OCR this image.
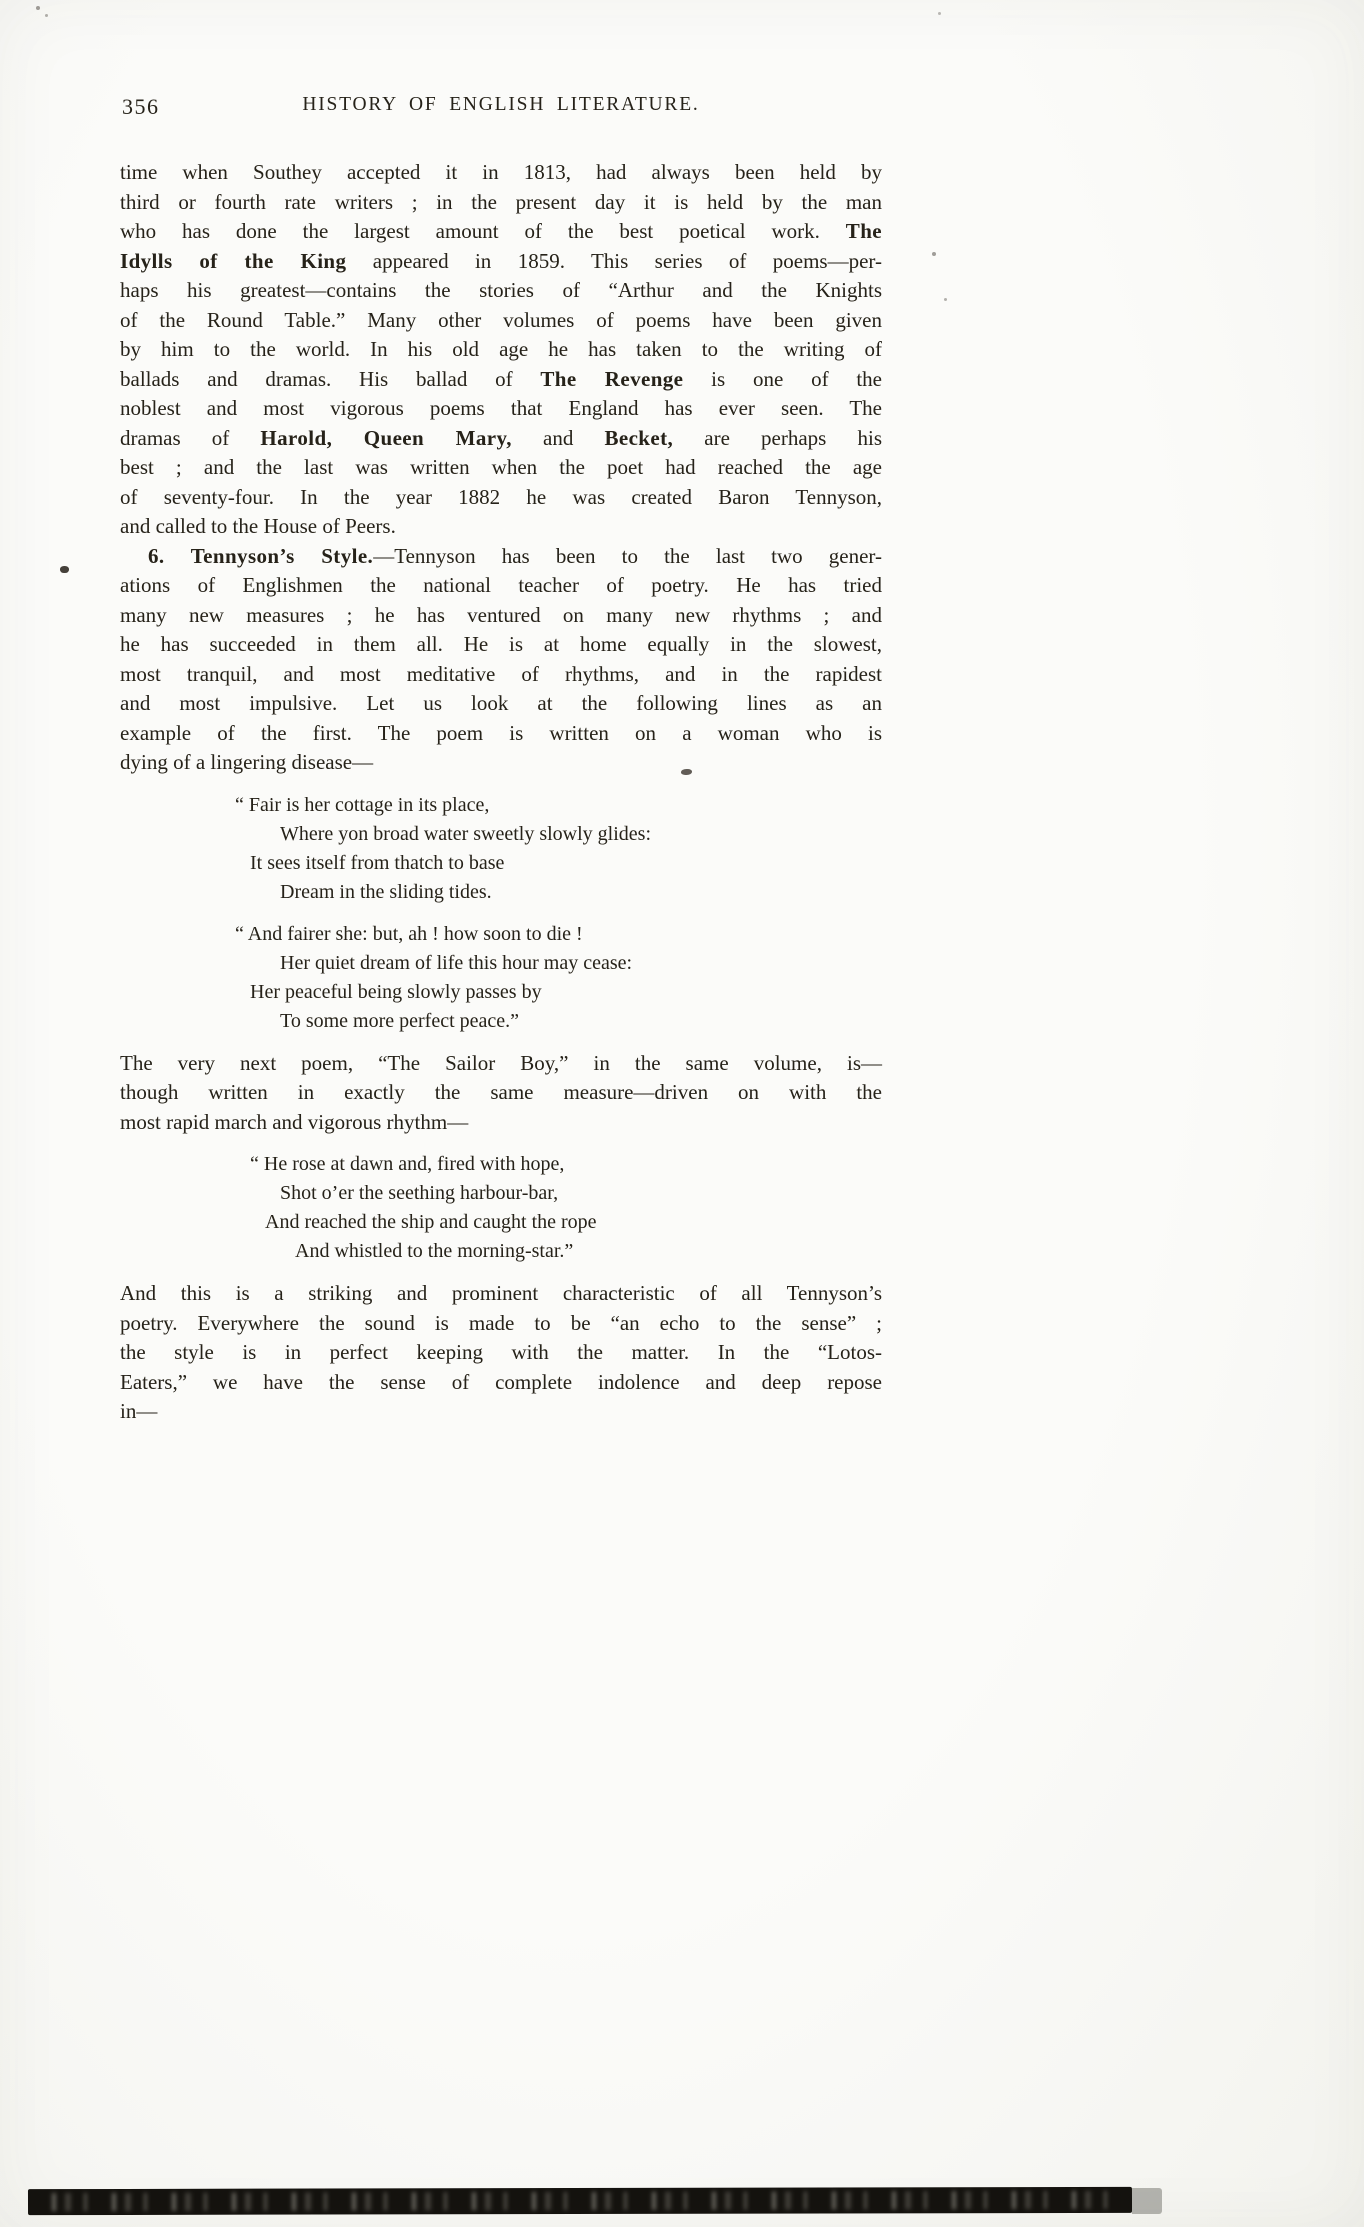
356	HISTORY OF ENGLISH LITERATURE.
time when Southey accepted it in 1813, had always been held by
third or fourth rate writers ; in the present day it is held by the man
who has done the largest amount of the best poetical work. The
Idylls of the King appeared in 1859. This series of poems—per-
haps his greatest—contains the stories of “Arthur and the Knights
of the Round Table.” Many other volumes of poems have been given
by him to the world. In his old age he has taken to the writing of
ballads and dramas. His ballad of The Revenge is one of the
noblest and most vigorous poems that England has ever seen. The
dramas of Harold, Queen Mary, and Becket, are perhaps his
best ; and the last was written when the poet had reached the age
of seventy-four. In the year 1882 he was created Baron Tennyson,
and called to the House of Peers.
6. Tennyson’s Style.—Tennyson has been to the last two gener-
ations of Englishmen the national teacher of poetry. He has tried
many new measures ; he has ventured on many new rhythms ; and
he has succeeded in them all. He is at home equally in the slowest,
most tranquil, and most meditative of rhythms, and in the rapidest
and most impulsive. Let us look at the following lines as an
example of the first. The poem is written on a woman who is
dying of a lingering disease—
“ Fair is her cottage in its place,
Where yon broad water sweetly slowly glides:
It sees itself from thatch to base
Dream in the sliding tides.
“ And fairer she: but, ah ! how soon to die !
Her quiet dream of life this hour may cease:
Her peaceful being slowly passes by
To some more perfect peace.”
The very next poem, “The Sailor Boy,” in the same volume, is—
though written in exactly the same measure—driven on with the
most rapid march and vigorous rhythm—
“ He rose at dawn and, fired with hope,
Shot o’er the seething harbour-bar,
And reached the ship and caught the rope
And whistled to the morning-star.”
And this is a striking and prominent characteristic of all Tennyson’s
poetry. Everywhere the sound is made to be “an echo to the sense” ;
the style is in perfect keeping with the matter. In the “Lotos-
Eaters,” we have the sense of complete indolence and deep repose
in—
